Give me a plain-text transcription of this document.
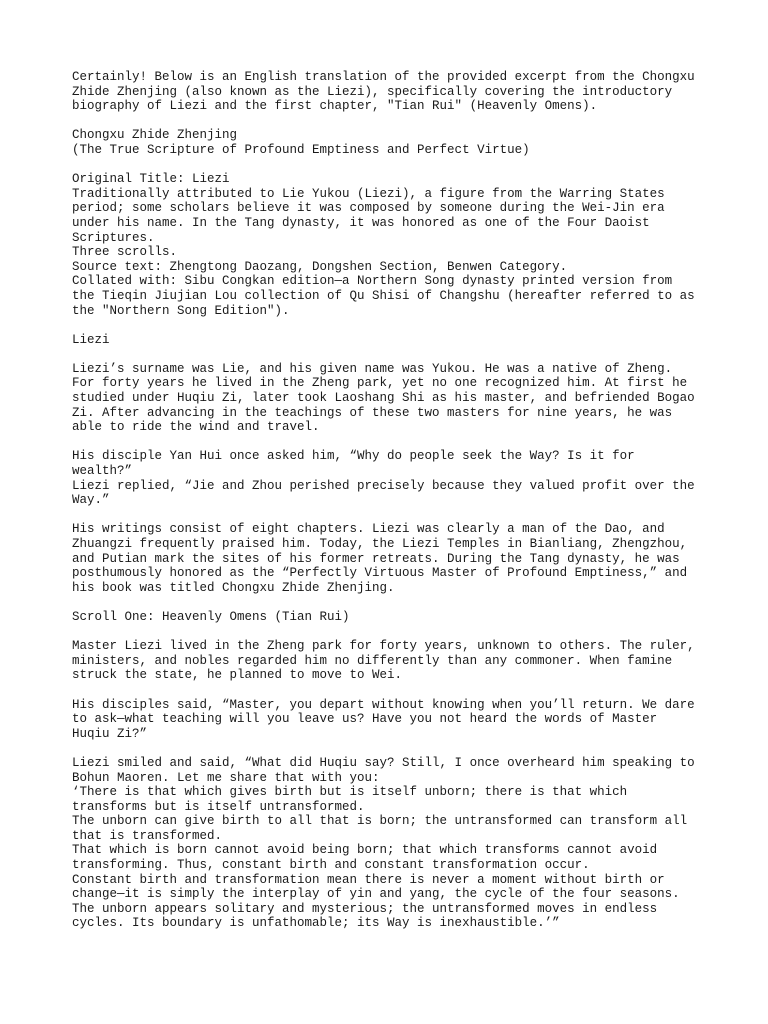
Certainly! Below is an English translation of the provided excerpt from the Chongxu
Zhide Zhenjing (also known as the Liezi), specifically covering the introductory
biography of Liezi and the first chapter, "Tian Rui" (Heavenly Omens).
Chongxu Zhide Zhenjing
(The True Scripture of Profound Emptiness and Perfect Virtue)
Original Title: Liezi
Traditionally attributed to Lie Yukou (Liezi), a figure from the Warring States
period; some scholars believe it was composed by someone during the Wei-Jin era
under his name. In the Tang dynasty, it was honored as one of the Four Daoist
Scriptures.
Three scrolls.
Source text: Zhengtong Daozang, Dongshen Section, Benwen Category.
Collated with: Sibu Congkan edition—a Northern Song dynasty printed version from
the Tieqin Jiujian Lou collection of Qu Shisi of Changshu (hereafter referred to as
the "Northern Song Edition").
Liezi
Liezi’s surname was Lie, and his given name was Yukou. He was a native of Zheng.
For forty years he lived in the Zheng park, yet no one recognized him. At first he
studied under Huqiu Zi, later took Laoshang Shi as his master, and befriended Bogao
Zi. After advancing in the teachings of these two masters for nine years, he was
able to ride the wind and travel.
His disciple Yan Hui once asked him, “Why do people seek the Way? Is it for
wealth?”
Liezi replied, “Jie and Zhou perished precisely because they valued profit over the
Way.”
His writings consist of eight chapters. Liezi was clearly a man of the Dao, and
Zhuangzi frequently praised him. Today, the Liezi Temples in Bianliang, Zhengzhou,
and Putian mark the sites of his former retreats. During the Tang dynasty, he was
posthumously honored as the “Perfectly Virtuous Master of Profound Emptiness,” and
his book was titled Chongxu Zhide Zhenjing.
Scroll One: Heavenly Omens (Tian Rui)
Master Liezi lived in the Zheng park for forty years, unknown to others. The ruler,
ministers, and nobles regarded him no differently than any commoner. When famine
struck the state, he planned to move to Wei.
His disciples said, “Master, you depart without knowing when you’ll return. We dare
to ask—what teaching will you leave us? Have you not heard the words of Master
Huqiu Zi?”
Liezi smiled and said, “What did Huqiu say? Still, I once overheard him speaking to
Bohun Maoren. Let me share that with you:
‘There is that which gives birth but is itself unborn; there is that which
transforms but is itself untransformed.
The unborn can give birth to all that is born; the untransformed can transform all
that is transformed.
That which is born cannot avoid being born; that which transforms cannot avoid
transforming. Thus, constant birth and constant transformation occur.
Constant birth and transformation mean there is never a moment without birth or
change—it is simply the interplay of yin and yang, the cycle of the four seasons.
The unborn appears solitary and mysterious; the untransformed moves in endless
cycles. Its boundary is unfathomable; its Way is inexhaustible.’”
